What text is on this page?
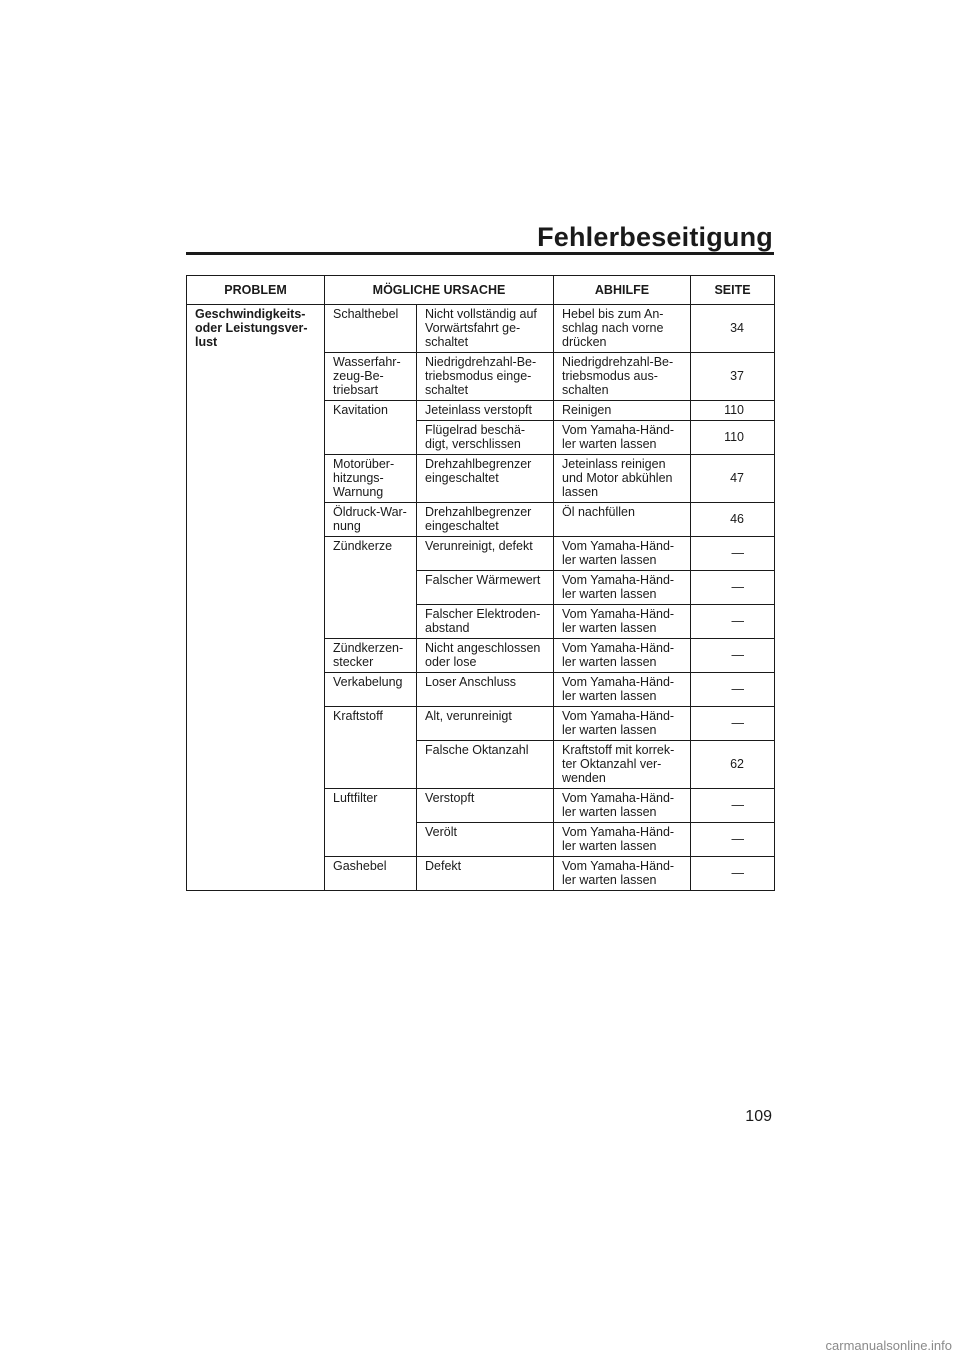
Fehlerbeseitigung
PROBLEM	MÖGLICHE URSACHE		ABHILFE	SEITE
Geschwindigkeits-
oder Leistungsver-
lust	Schalthebel	Nicht vollständig auf
Vorwärtsfahrt ge-
schaltet	Hebel bis zum An-
schlag nach vorne
drücken	34
	Wasserfahr-
zeug-Be-
triebsart	Niedrigdrehzahl-Be-
triebsmodus einge-
schaltet	Niedrigdrehzahl-Be-
triebsmodus aus-
schalten	37
	Kavitation	Jeteinlass verstopft	Reinigen	110
		Flügelrad beschä-
digt, verschlissen	Vom Yamaha-Händ-
ler warten lassen	110
	Motorüber-
hitzungs-
Warnung	Drehzahlbegrenzer
eingeschaltet	Jeteinlass reinigen
und Motor abkühlen
lassen	47
	Öldruck-War-
nung	Drehzahlbegrenzer
eingeschaltet	Öl nachfüllen	46
	Zündkerze	Verunreinigt, defekt	Vom Yamaha-Händ-
ler warten lassen	—
		Falscher Wärmewert	Vom Yamaha-Händ-
ler warten lassen	—
		Falscher Elektroden-
abstand	Vom Yamaha-Händ-
ler warten lassen	—
	Zündkerzen-
stecker	Nicht angeschlossen
oder lose	Vom Yamaha-Händ-
ler warten lassen	—
	Verkabelung	Loser Anschluss	Vom Yamaha-Händ-
ler warten lassen	—
	Kraftstoff	Alt, verunreinigt	Vom Yamaha-Händ-
ler warten lassen	—
		Falsche Oktanzahl	Kraftstoff mit korrek-
ter Oktanzahl ver-
wenden	62
	Luftfilter	Verstopft	Vom Yamaha-Händ-
ler warten lassen	—
		Verölt	Vom Yamaha-Händ-
ler warten lassen	—
	Gashebel	Defekt	Vom Yamaha-Händ-
ler warten lassen	—
109
carmanualsonline.info
